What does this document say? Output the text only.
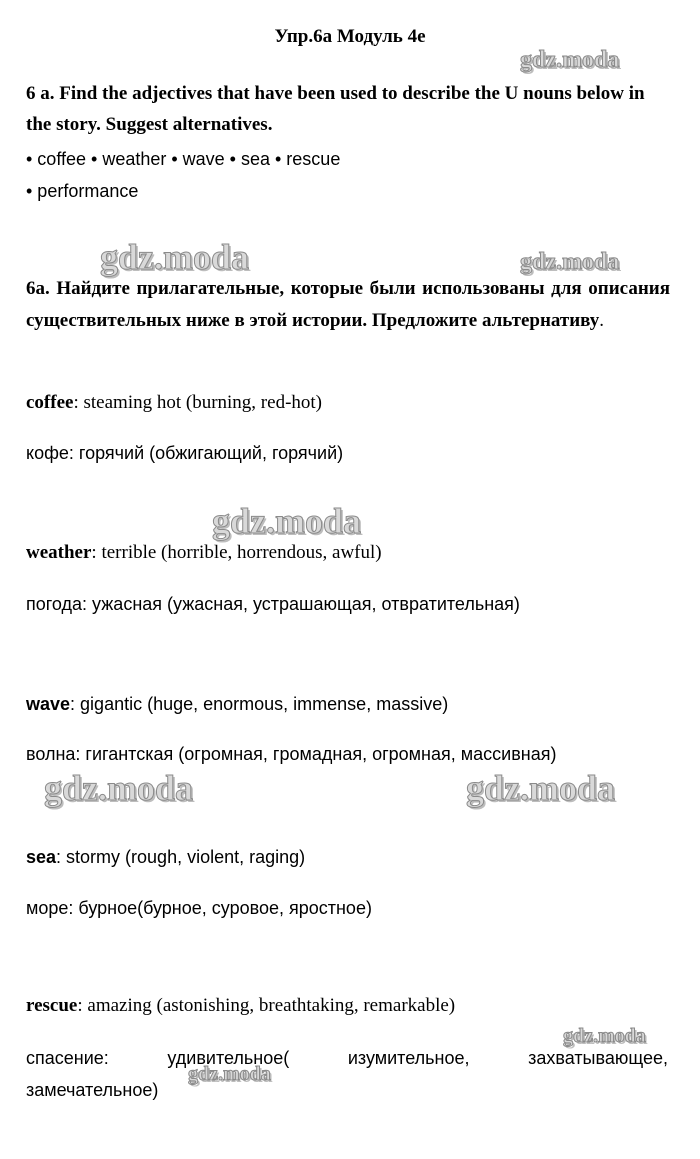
Упр.6а Модуль 4е
6 a. Find the adjectives that have been used to describe the U nouns below in the story. Suggest alternatives.
• coffee • weather • wave • sea • rescue
• performance
6a. Найдите прилагательные, которые были использованы для описания существительных ниже в этой истории. Предложите альтернативу.
coffee: steaming hot (burning, red-hot)
кофе: горячий (обжигающий, горячий)
weather: terrible (horrible, horrendous, awful)
погода: ужасная (ужасная, устрашающая, отвратительная)
wave: gigantic (huge, enormous, immense, massive)
волна: гигантская (огромная, громадная, огромная, массивная)
sea: stormy (rough, violent, raging)
море: бурное(бурное, суровое, яростное)
rescue: amazing (astonishing, breathtaking, remarkable)
спасение: удивительное( изумительное, захватывающее,
замечательное)
gdz.moda
gdz.moda	gdz.moda
gdz.moda
gdz.moda	gdz.moda
gdz.moda
gdz.moda
